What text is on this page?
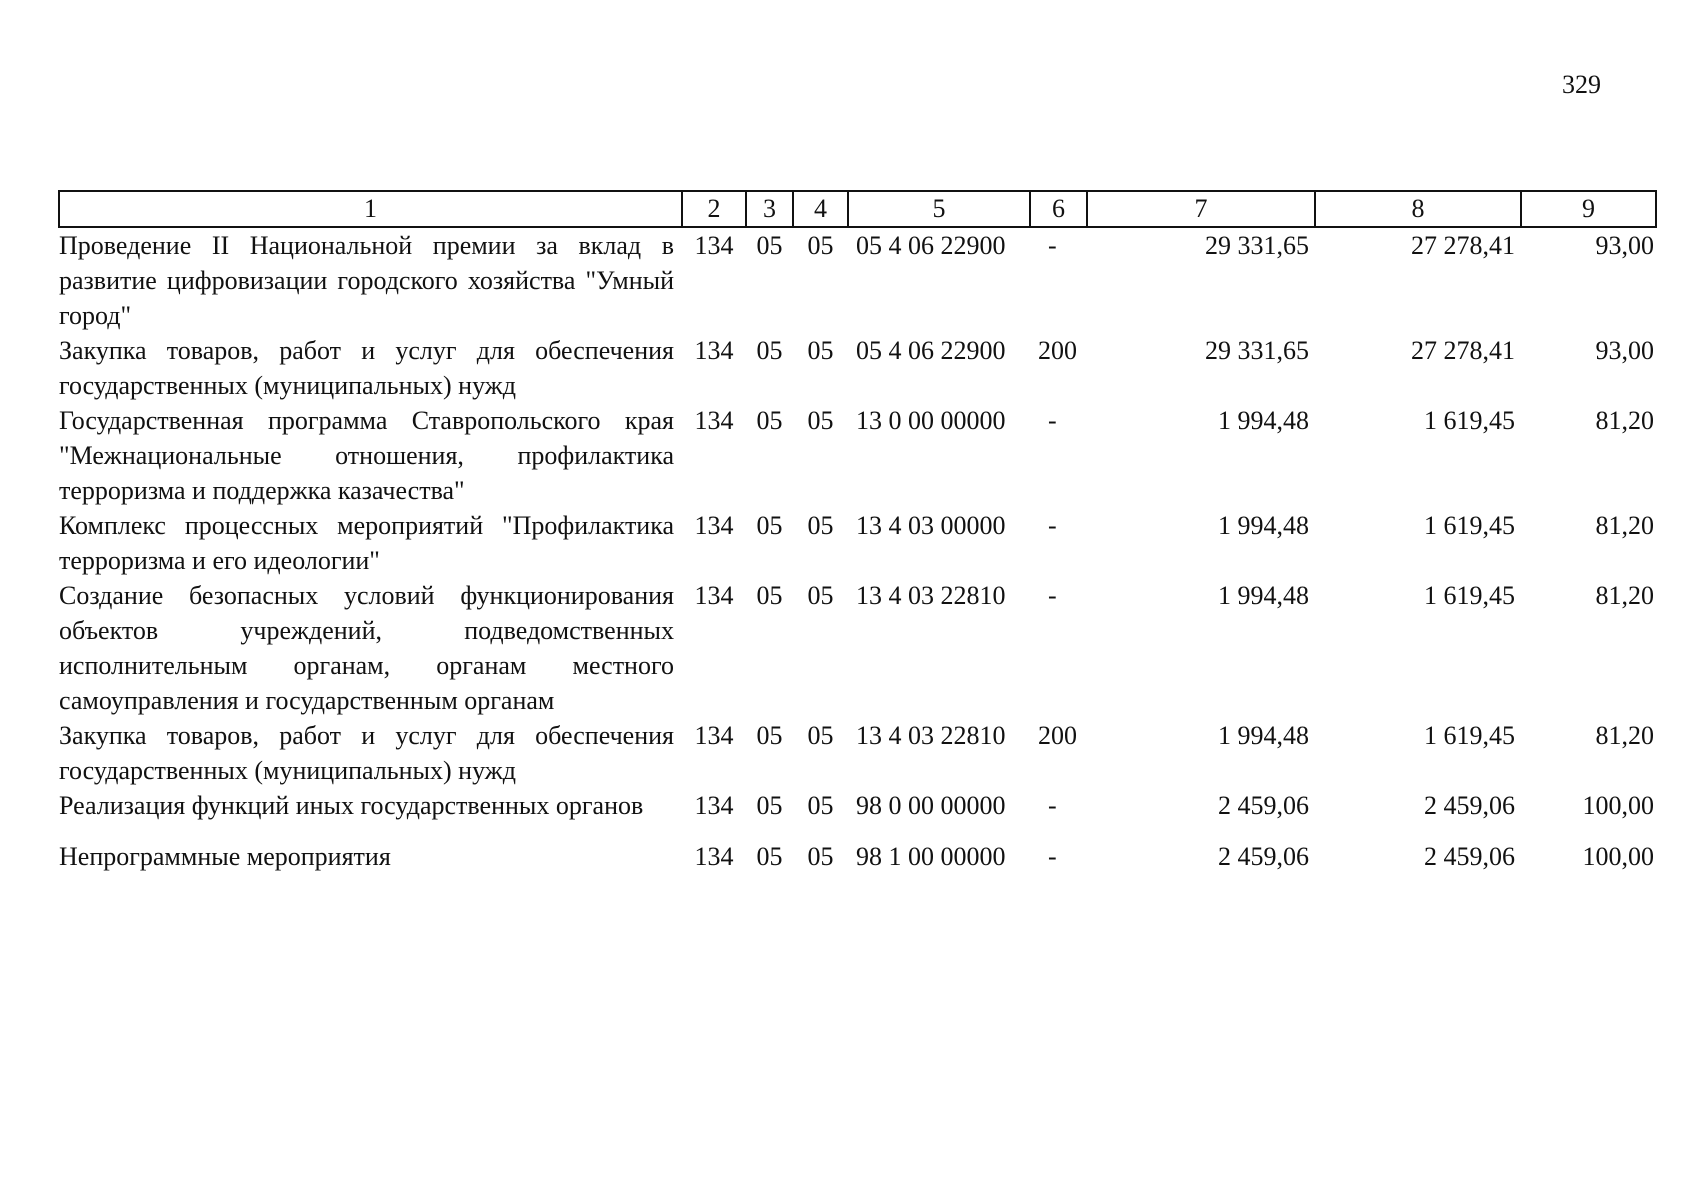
329
1	2	3	4	5	6	7	8	9
Проведение II Национальной премии за вклад в развитие цифровизации городского хозяйства "Умный город"	134	05	05	05 4 06 22900	-	29 331,65	27 278,41	93,00
Закупка товаров, работ и услуг для обеспечения государственных (муниципальных) нужд	134	05	05	05 4 06 22900	200	29 331,65	27 278,41	93,00
Государственная программа Ставропольского края "Межнациональные отношения, профилактика терроризма и поддержка казачества"	134	05	05	13 0 00 00000	-	1 994,48	1 619,45	81,20
Комплекс процессных мероприятий "Профилактика терроризма и его идеологии"	134	05	05	13 4 03 00000	-	1 994,48	1 619,45	81,20
Создание безопасных условий функционирования объектов учреждений, подведомственных исполнительным органам, органам местного самоуправления и государственным органам	134	05	05	13 4 03 22810	-	1 994,48	1 619,45	81,20
Закупка товаров, работ и услуг для обеспечения государственных (муниципальных) нужд	134	05	05	13 4 03 22810	200	1 994,48	1 619,45	81,20
Реализация функций иных государственных органов	134	05	05	98 0 00 00000	-	2 459,06	2 459,06	100,00
Непрограммные мероприятия	134	05	05	98 1 00 00000	-	2 459,06	2 459,06	100,00
